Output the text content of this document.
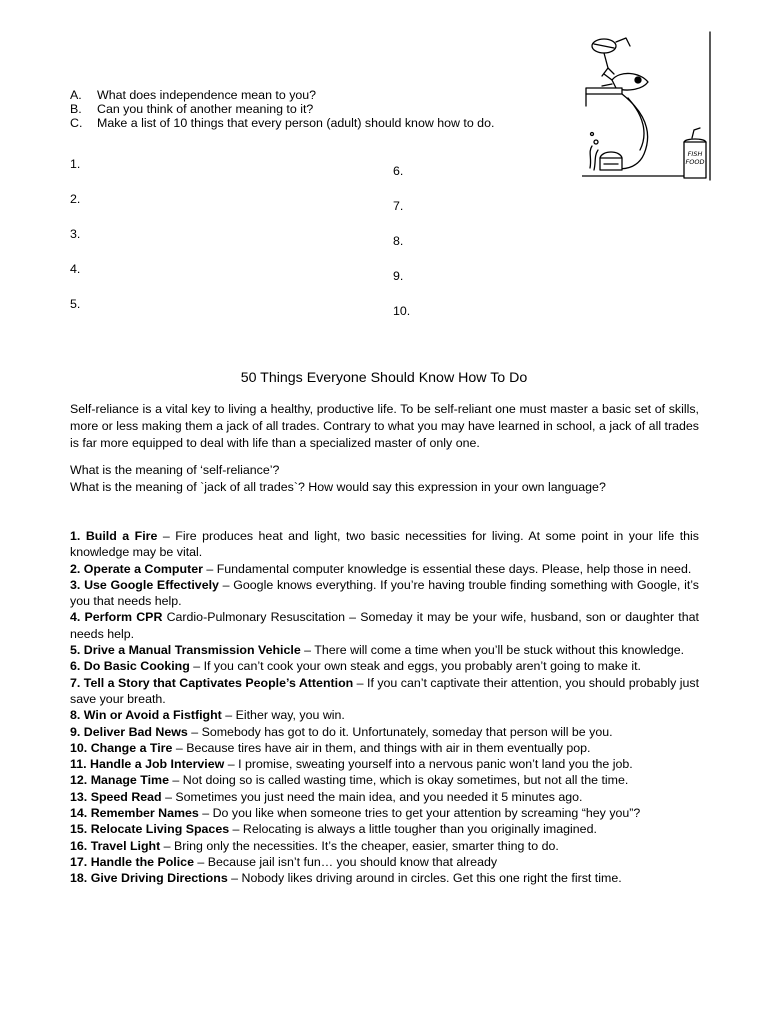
A.	What does independence mean to you?
B.	Can you think of another meaning to it?
C.	Make a list of 10 things that every person (adult) should know how to do.
1.
2.
3.
4.
5.
6.
7.
8.
9.
10.
FISH
FOOD
50 Things Everyone Should Know How To Do

Self-reliance is a vital key to living a healthy, productive life. To be self-reliant one must master a basic set of skills, more or less making them a jack of all trades. Contrary to what you may have learned in school, a jack of all trades is far more equipped to deal with life than a specialized master of only one.

What is the meaning of ‘self-reliance’?

What is the meaning of `jack of all trades`? How would say this expression in your own language?

1. Build a Fire – Fire produces heat and light, two basic necessities for living. At some point in your life this knowledge may be vital.
2. Operate a Computer – Fundamental computer knowledge is essential these days. Please, help those in need.
3. Use Google Effectively – Google knows everything. If you’re having trouble finding something with Google, it’s you that needs help.
4. Perform CPR Cardio-Pulmonary Resuscitation – Someday it may be your wife, husband, son or daughter that needs help.
5. Drive a Manual Transmission Vehicle – There will come a time when you’ll be stuck without this knowledge.
6. Do Basic Cooking – If you can’t cook your own steak and eggs, you probably aren’t going to make it.
7. Tell a Story that Captivates People’s Attention – If you can’t captivate their attention, you should probably just save your breath.
8. Win or Avoid a Fistfight – Either way, you win.
9. Deliver Bad News – Somebody has got to do it. Unfortunately, someday that person will be you.
10. Change a Tire – Because tires have air in them, and things with air in them eventually pop.
11. Handle a Job Interview – I promise, sweating yourself into a nervous panic won’t land you the job.
12. Manage Time – Not doing so is called wasting time, which is okay sometimes, but not all the time.
13. Speed Read – Sometimes you just need the main idea, and you needed it 5 minutes ago.
14. Remember Names – Do you like when someone tries to get your attention by screaming “hey you”?
15. Relocate Living Spaces – Relocating is always a little tougher than you originally imagined.
16. Travel Light – Bring only the necessities. It’s the cheaper, easier, smarter thing to do.
17. Handle the Police – Because jail isn’t fun… you should know that already
18. Give Driving Directions – Nobody likes driving around in circles. Get this one right the first time.
